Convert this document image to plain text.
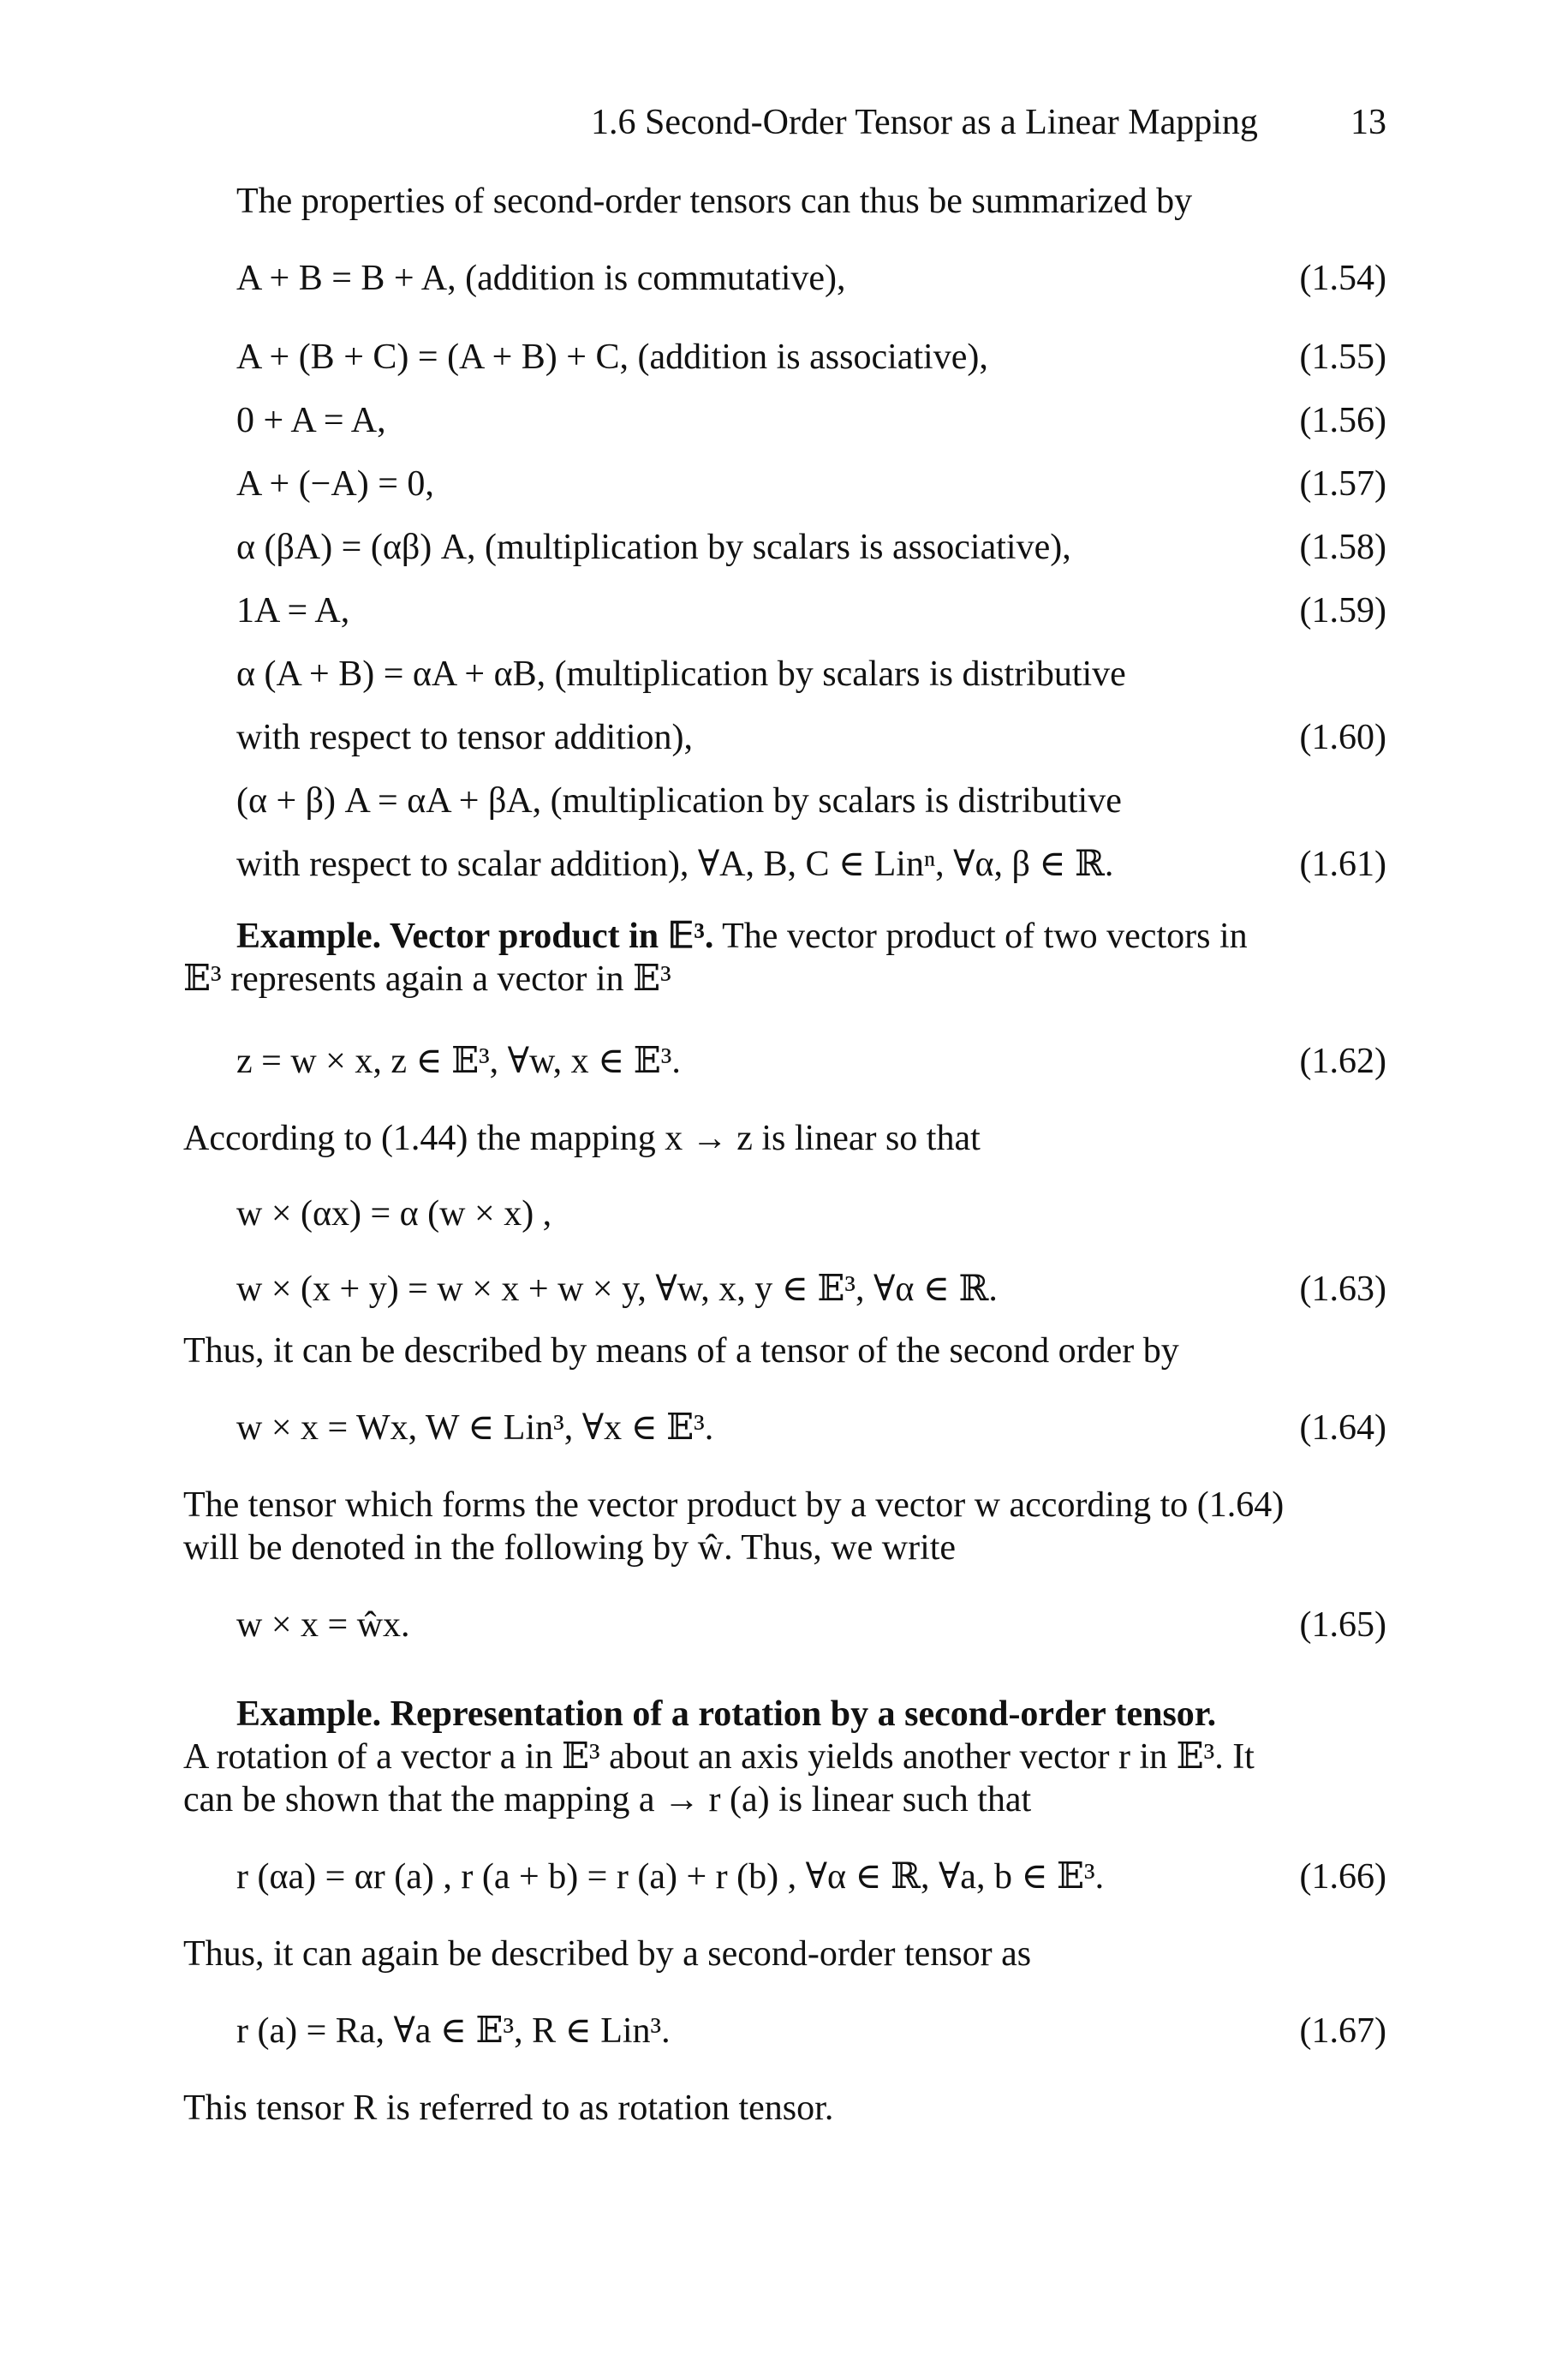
1.6 Second-Order Tensor as a Linear Mapping	13
The properties of second-order tensors can thus be summarized by
A + B = B + A, (addition is commutative),	(1.54)
A + (B + C) = (A + B) + C, (addition is associative),	(1.55)
0 + A = A,	(1.56)
A + (−A) = 0,	(1.57)
α (βA) = (αβ) A, (multiplication by scalars is associative),	(1.58)
1A = A,	(1.59)
α (A + B) = αA + αB, (multiplication by scalars is distributive
with respect to tensor addition),	(1.60)
(α + β) A = αA + βA, (multiplication by scalars is distributive
with respect to scalar addition), ∀A, B, C ∈ Linⁿ, ∀α, β ∈ ℝ.	(1.61)
Example. Vector product in 𝔼³. The vector product of two vectors in
𝔼³ represents again a vector in 𝔼³
z = w × x, z ∈ 𝔼³, ∀w, x ∈ 𝔼³.	(1.62)
According to (1.44) the mapping x → z is linear so that
w × (αx) = α (w × x) ,
w × (x + y) = w × x + w × y, ∀w, x, y ∈ 𝔼³, ∀α ∈ ℝ.	(1.63)
Thus, it can be described by means of a tensor of the second order by
w × x = Wx, W ∈ Lin³, ∀x ∈ 𝔼³.	(1.64)
The tensor which forms the vector product by a vector w according to (1.64)
will be denoted in the following by ŵ. Thus, we write
w × x = ŵx.	(1.65)
Example. Representation of a rotation by a second-order tensor.
A rotation of a vector a in 𝔼³ about an axis yields another vector r in 𝔼³. It
can be shown that the mapping a → r (a) is linear such that
r (αa) = αr (a) , r (a + b) = r (a) + r (b) , ∀α ∈ ℝ, ∀a, b ∈ 𝔼³.	(1.66)
Thus, it can again be described by a second-order tensor as
r (a) = Ra, ∀a ∈ 𝔼³, R ∈ Lin³.	(1.67)
This tensor R is referred to as rotation tensor.
